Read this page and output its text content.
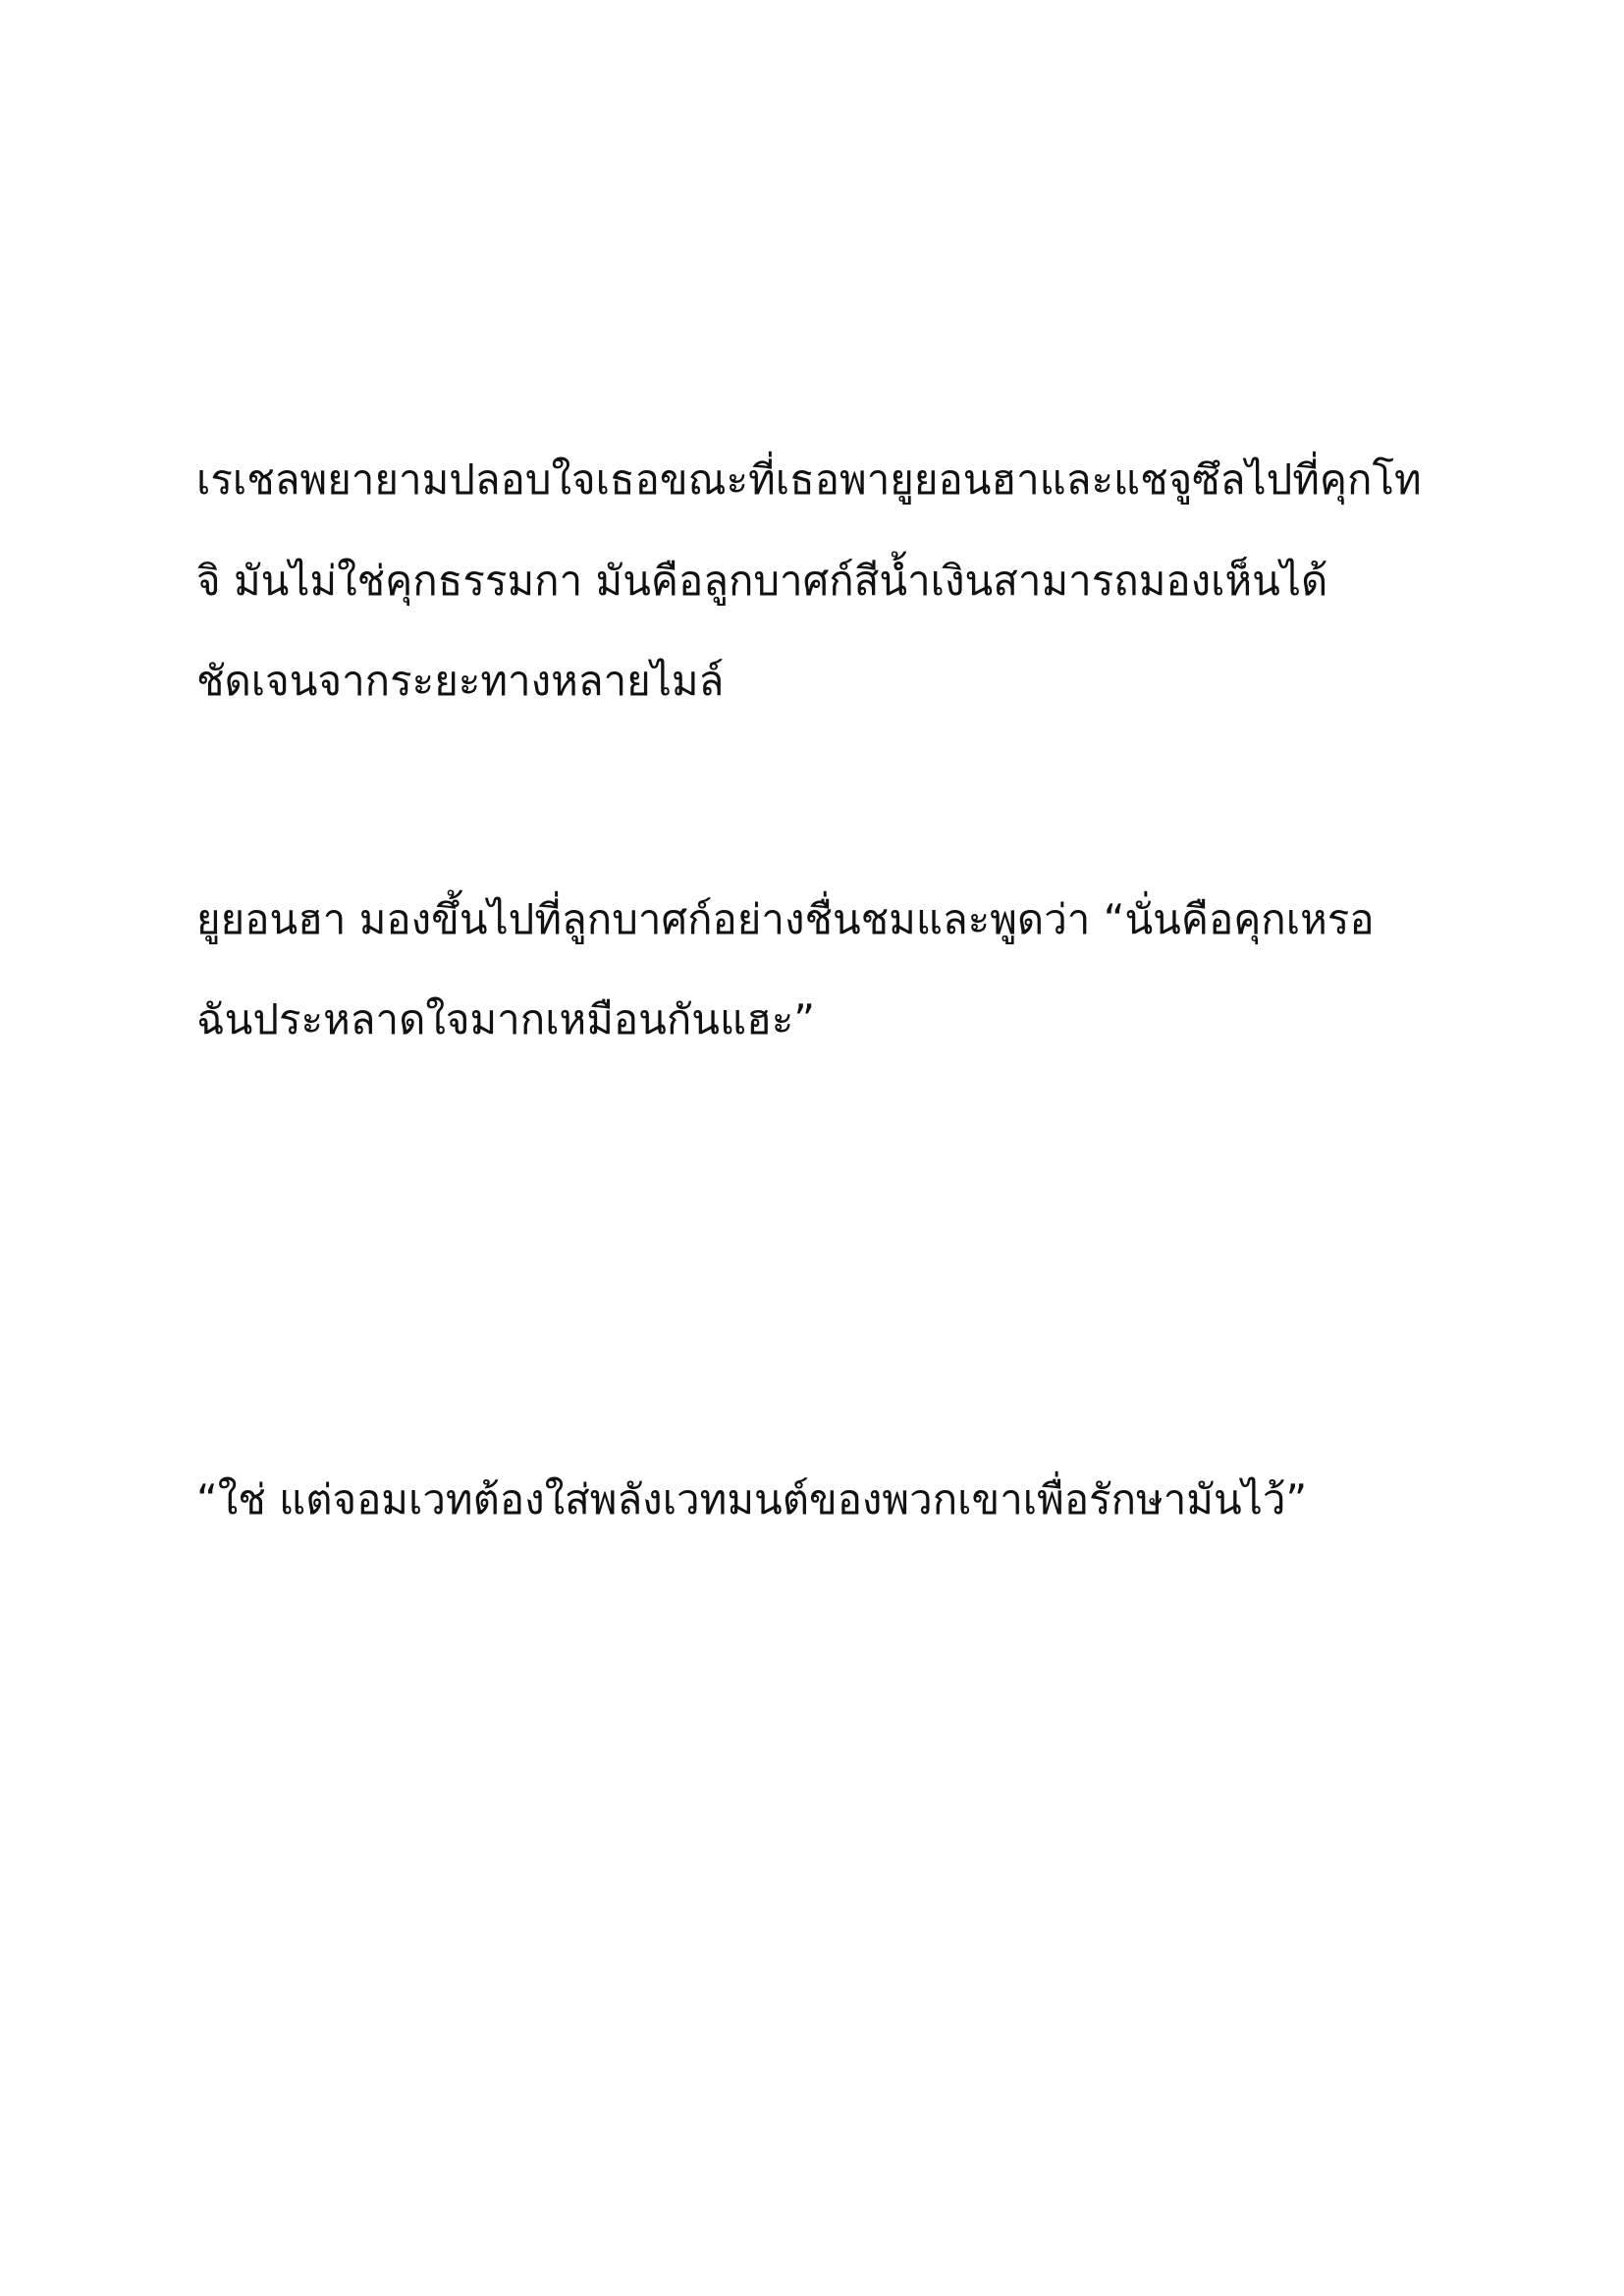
เรเชลพยายามปลอบใจเธอขณะที่เธอพายูยอนฮาและแชจูซึลไปที่คุกโท
จิ มันไม่ใช่คุกธรรมกา มันคือลูกบาศก์สีน้ำเงินสามารถมองเห็นได้
ชัดเจนจากระยะทางหลายไมล์
ยูยอนฮา มองขึ้นไปที่ลูกบาศก์อย่างชื่นชมและพูดว่า “นั่นคือคุกเหรอ
ฉันประหลาดใจมากเหมือนกันแฮะ”
“ใช่ แต่จอมเวทต้องใส่พลังเวทมนต์ของพวกเขาเพื่อรักษามันไว้”
